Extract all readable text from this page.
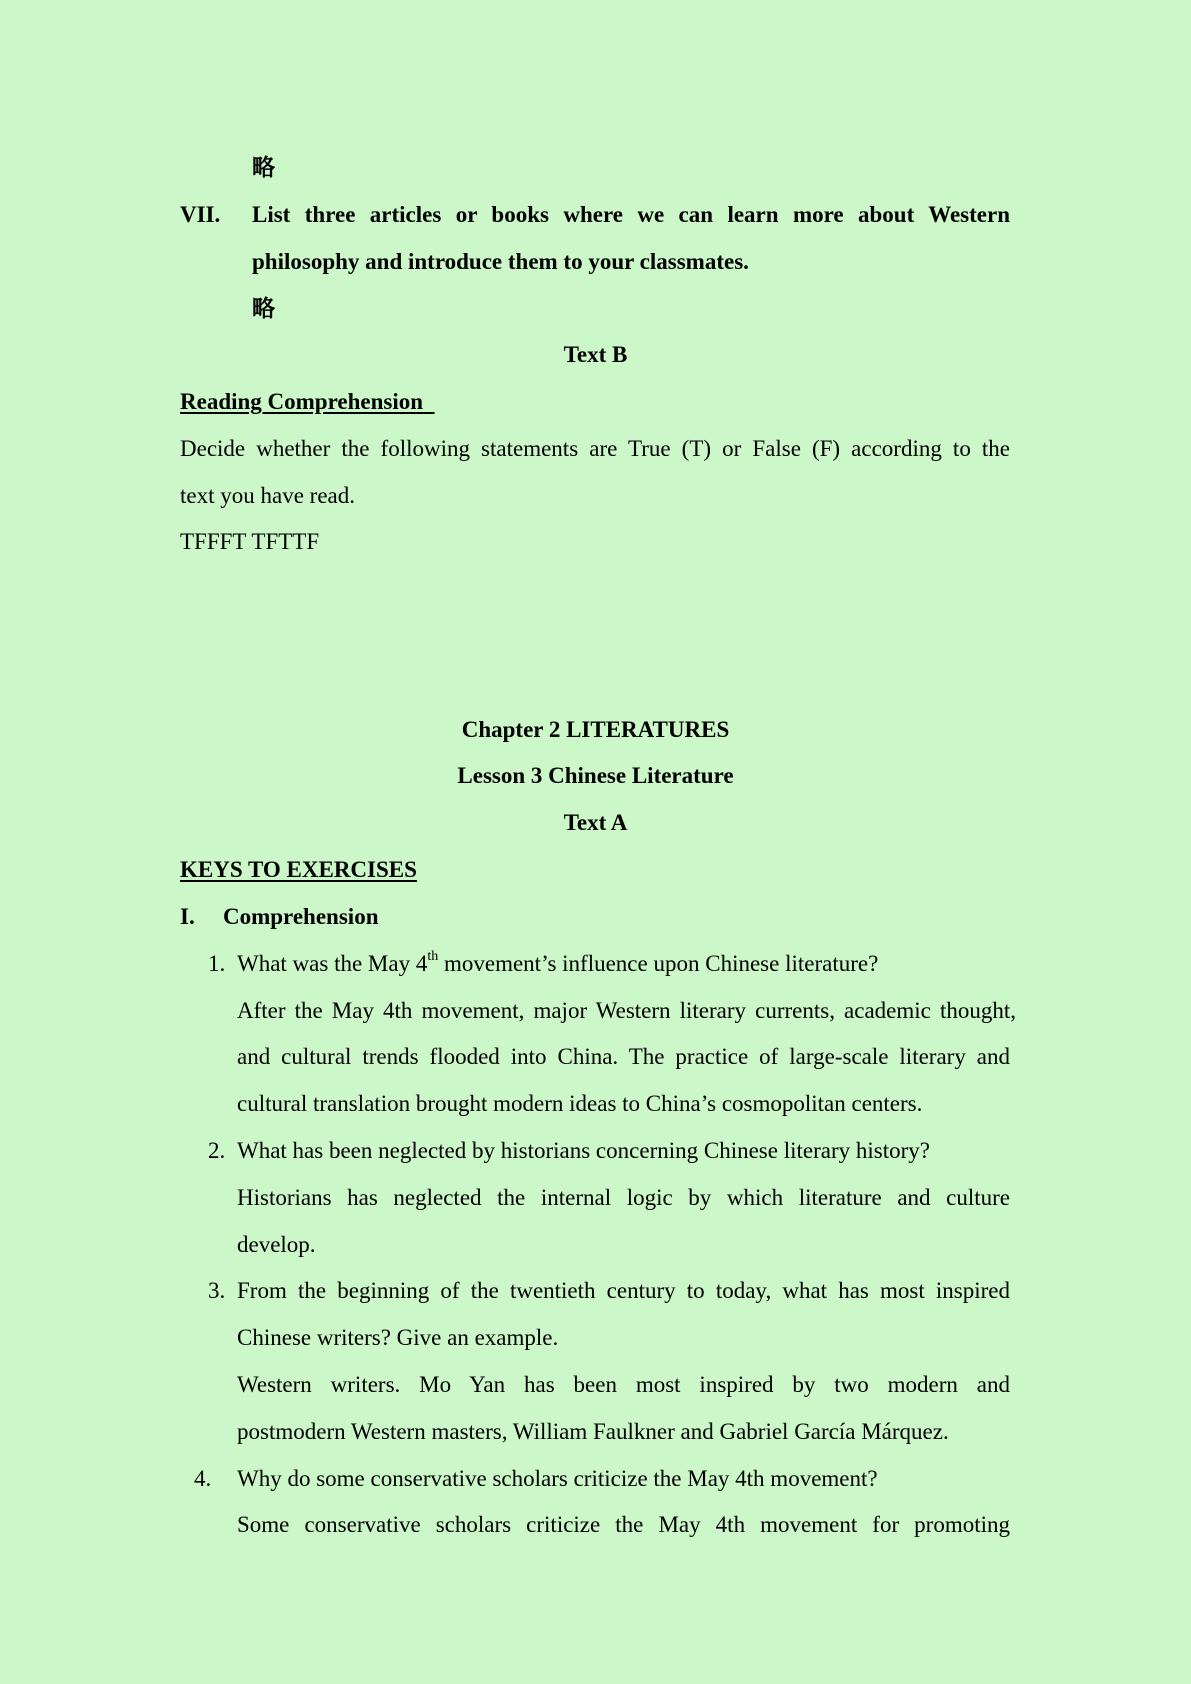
略
VII. List three articles or books where we can learn more about Western
philosophy and introduce them to your classmates.
略
Text B
Reading Comprehension
Decide whether the following statements are True (T) or False (F) according to the
text you have read.
TFFFT TFTTF
Chapter 2 LITERATURES
Lesson 3 Chinese Literature
Text A
KEYS TO EXERCISES
I. Comprehension
1. What was the May 4th movement’s influence upon Chinese literature?
After the May 4th movement, major Western literary currents, academic thought,
and cultural trends flooded into China. The practice of large-scale literary and
cultural translation brought modern ideas to China’s cosmopolitan centers.
2. What has been neglected by historians concerning Chinese literary history?
Historians has neglected the internal logic by which literature and culture
develop.
3. From the beginning of the twentieth century to today, what has most inspired
Chinese writers? Give an example.
Western writers. Mo Yan has been most inspired by two modern and
postmodern Western masters, William Faulkner and Gabriel García Márquez.
4. Why do some conservative scholars criticize the May 4th movement?
Some conservative scholars criticize the May 4th movement for promoting
